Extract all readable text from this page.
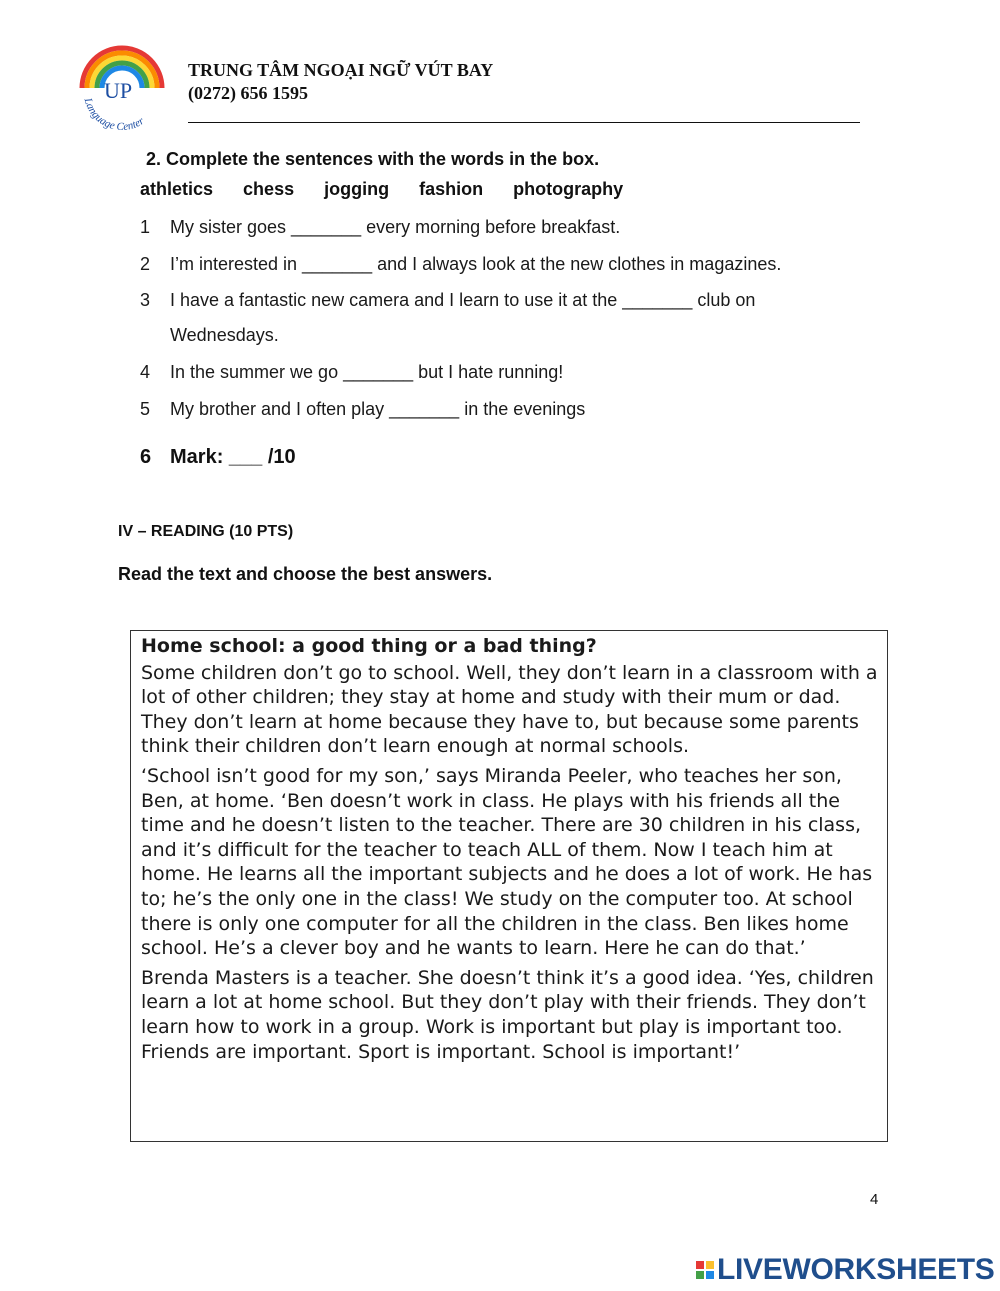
UP
Language Center
TRUNG TÂM NGOẠI NGỮ VÚT BAY
(0272) 656 1595
2. Complete the sentences with the words in the box.
athletics chess jogging fashion photography
1 My sister goes _______ every morning before breakfast.
2 I’m interested in _______ and I always look at the new clothes in magazines.
3 I have a fantastic new camera and I learn to use it at the _______ club on
Wednesdays.
4 In the summer we go _______ but I hate running!
5 My brother and I often play _______ in the evenings
6 Mark: ___ /10
IV – READING (10 PTS)
Read the text and choose the best answers.
Home school: a good thing or a bad thing?

Some children don’t go to school. Well, they don’t learn in a classroom with a lot of other children; they stay at home and study with their mum or dad. They don’t learn at home because they have to, but because some parents think their children don’t learn enough at normal schools.

‘School isn’t good for my son,’ says Miranda Peeler, who teaches her son, Ben, at home. ‘Ben doesn’t work in class. He plays with his friends all the time and he doesn’t listen to the teacher. There are 30 children in his class, and it’s difficult for the teacher to teach ALL of them. Now I teach him at home. He learns all the important subjects and he does a lot of work. He has to; he’s the only one in the class! We study on the computer too. At school there is only one computer for all the children in the class. Ben likes home school. He’s a clever boy and he wants to learn. Here he can do that.’

Brenda Masters is a teacher. She doesn’t think it’s a good idea. ‘Yes, children learn a lot at home school. But they don’t play with their friends. They don’t learn how to work in a group. Work is important but play is important too. Friends are important. Sport is important. School is important!’

4
LIVEWORKSHEETS
